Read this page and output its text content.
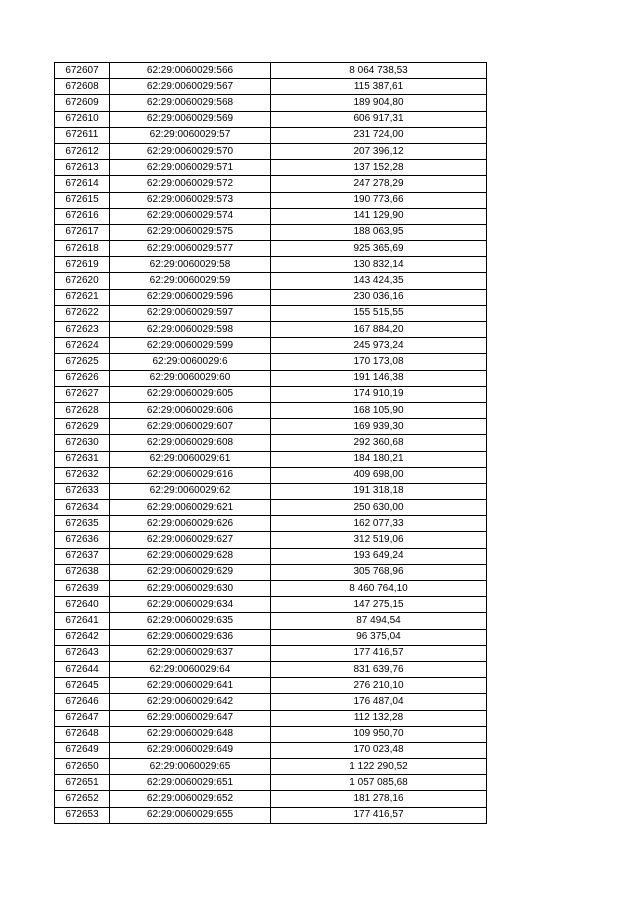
672607	62:29:0060029:566	8 064 738,53
672608	62:29:0060029:567	115 387,61
672609	62:29:0060029:568	189 904,80
672610	62:29:0060029:569	606 917,31
672611	62:29:0060029:57	231 724,00
672612	62:29:0060029:570	207 396,12
672613	62:29:0060029:571	137 152,28
672614	62:29:0060029:572	247 278,29
672615	62:29:0060029:573	190 773,66
672616	62:29:0060029:574	141 129,90
672617	62:29:0060029:575	188 063,95
672618	62:29:0060029:577	925 365,69
672619	62:29:0060029:58	130 832,14
672620	62:29:0060029:59	143 424,35
672621	62:29:0060029:596	230 036,16
672622	62:29:0060029:597	155 515,55
672623	62:29:0060029:598	167 884,20
672624	62:29:0060029:599	245 973,24
672625	62:29:0060029:6	170 173,08
672626	62:29:0060029:60	191 146,38
672627	62:29:0060029:605	174 910,19
672628	62:29:0060029:606	168 105,90
672629	62:29:0060029:607	169 939,30
672630	62:29:0060029:608	292 360,68
672631	62:29:0060029:61	184 180,21
672632	62:29:0060029:616	409 698,00
672633	62:29:0060029:62	191 318,18
672634	62:29:0060029:621	250 630,00
672635	62:29:0060029:626	162 077,33
672636	62:29:0060029:627	312 519,06
672637	62:29:0060029:628	193 649,24
672638	62:29:0060029:629	305 768,96
672639	62:29:0060029:630	8 460 764,10
672640	62:29:0060029:634	147 275,15
672641	62:29:0060029:635	87 494,54
672642	62:29:0060029:636	96 375,04
672643	62:29:0060029:637	177 416,57
672644	62:29:0060029:64	831 639,76
672645	62:29:0060029:641	276 210,10
672646	62:29:0060029:642	176 487,04
672647	62:29:0060029:647	112 132,28
672648	62:29:0060029:648	109 950,70
672649	62:29:0060029:649	170 023,48
672650	62:29:0060029:65	1 122 290,52
672651	62:29:0060029:651	1 057 085,68
672652	62:29:0060029:652	181 278,16
672653	62:29:0060029:655	177 416,57
